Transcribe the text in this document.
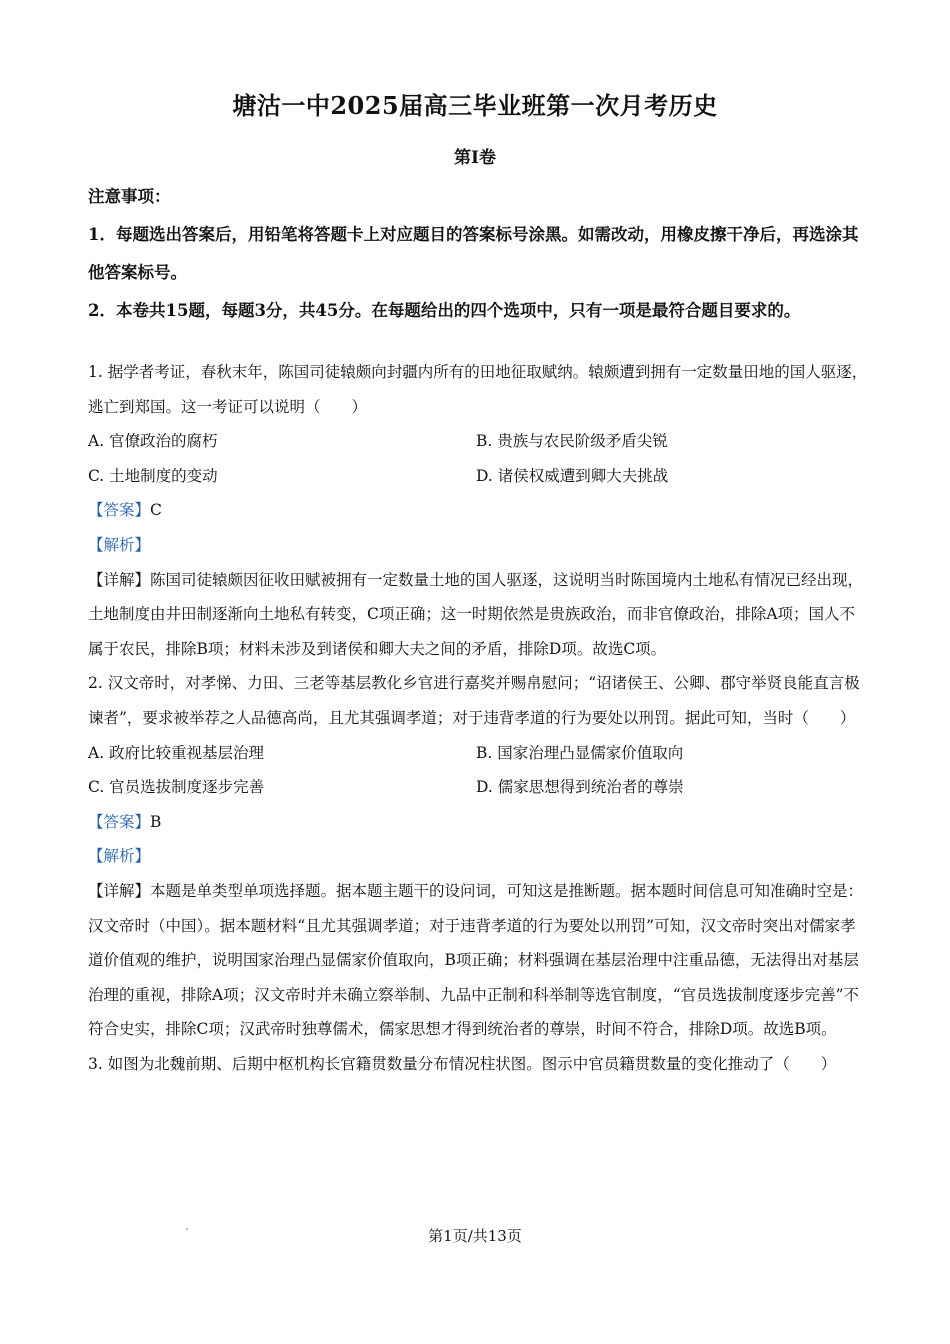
塘沽一中2025届高三毕业班第一次月考历史
第Ⅰ卷

注意事项：

1．每题选出答案后，用铅笔将答题卡上对应题目的答案标号涂黑。如需改动，用橡皮擦干净后，再选涂其他答案标号。

2．本卷共15题，每题3分，共45分。在每题给出的四个选项中，只有一项是最符合题目要求的。

1. 据学者考证，春秋末年，陈国司徒辕颇向封疆内所有的田地征取赋纳。辕颇遭到拥有一定数量田地的国人驱逐，逃亡到郑国。这一考证可以说明（　　）

A. 官僚政治的腐朽	B. 贵族与农民阶级矛盾尖锐
C. 土地制度的变动	D. 诸侯权威遭到卿大夫挑战

【答案】C

【解析】

【详解】陈国司徒辕颇因征收田赋被拥有一定数量土地的国人驱逐，这说明当时陈国境内土地私有情况已经出现，土地制度由井田制逐渐向土地私有转变，C项正确；这一时期依然是贵族政治，而非官僚政治，排除A项；国人不属于农民，排除B项；材料未涉及到诸侯和卿大夫之间的矛盾，排除D项。故选C项。

2. 汉文帝时，对孝悌、力田、三老等基层教化乡官进行嘉奖并赐帛慰问；“诏诸侯王、公卿、郡守举贤良能直言极谏者”，要求被举荐之人品德高尚，且尤其强调孝道；对于违背孝道的行为要处以刑罚。据此可知，当时（　　）

A. 政府比较重视基层治理	B. 国家治理凸显儒家价值取向
C. 官员选拔制度逐步完善	D. 儒家思想得到统治者的尊崇

【答案】B

【解析】

【详解】本题是单类型单项选择题。据本题主题干的设问词，可知这是推断题。据本题时间信息可知准确时空是：汉文帝时（中国）。据本题材料“且尤其强调孝道；对于违背孝道的行为要处以刑罚”可知，汉文帝时突出对儒家孝道价值观的维护，说明国家治理凸显儒家价值取向，B项正确；材料强调在基层治理中注重品德，无法得出对基层治理的重视，排除A项；汉文帝时并未确立察举制、九品中正制和科举制等选官制度，“官员选拔制度逐步完善”不符合史实，排除C项；汉武帝时独尊儒术，儒家思想才得到统治者的尊崇，时间不符合，排除D项。故选B项。

3. 如图为北魏前期、后期中枢机构长官籍贯数量分布情况柱状图。图示中官员籍贯数量的变化推动了（　　）

第1页/共13页
